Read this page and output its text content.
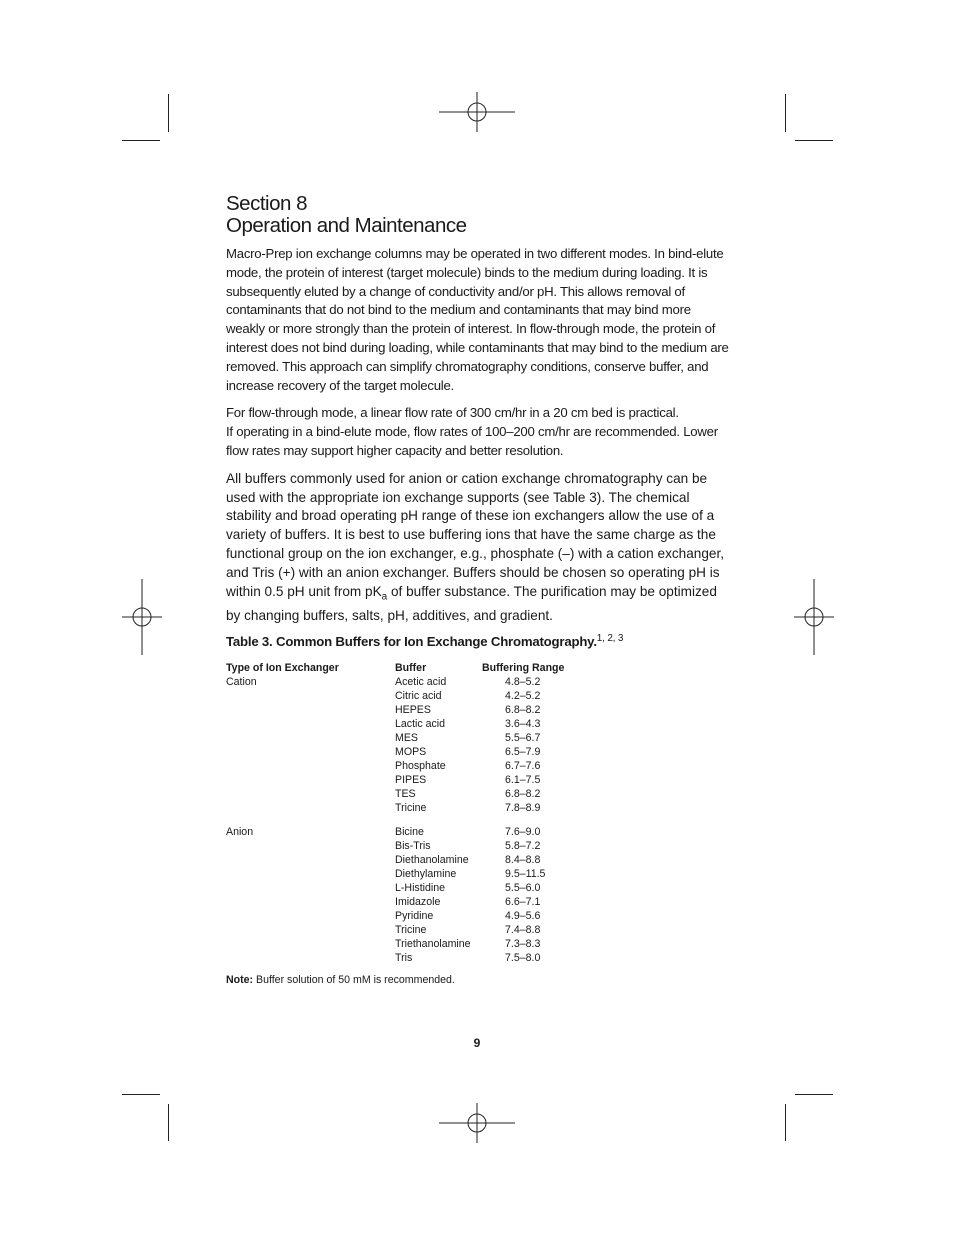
Section 8
Operation and Maintenance

Macro-Prep ion exchange columns may be operated in two different modes. In bind-elute mode, the protein of interest (target molecule) binds to the medium during loading. It is subsequently eluted by a change of conductivity and/or pH. This allows removal of contaminants that do not bind to the medium and contaminants that may bind more weakly or more strongly than the protein of interest. In flow-through mode, the protein of interest does not bind during loading, while contaminants that may bind to the medium are removed. This approach can simplify chromatography conditions, conserve buffer, and increase recovery of the target molecule.

For flow-through mode, a linear flow rate of 300 cm/hr in a 20 cm bed is practical.
If operating in a bind-elute mode, flow rates of 100–200 cm/hr are recommended. Lower flow rates may support higher capacity and better resolution.

All buffers commonly used for anion or cation exchange chromatography can be used with the appropriate ion exchange supports (see Table 3). The chemical stability and broad operating pH range of these ion exchangers allow the use of a variety of buffers. It is best to use buffering ions that have the same charge as the functional group on the ion exchanger, e.g., phosphate (–) with a cation exchanger, and Tris (+) with an anion exchanger. Buffers should be chosen so operating pH is within 0.5 pH unit from $pK_a$ of buffer substance. The purification may be optimized by changing buffers, salts, pH, additives, and gradient.

Table 3. Common Buffers for Ion Exchange Chromatography.$^{1, 2, 3}$
Type of Ion Exchanger	Buffer	Buffering Range
Cation	Acetic acid	4.8–5.2
	Citric acid	4.2–5.2
	HEPES	6.8–8.2
	Lactic acid	3.6–4.3
	MES	5.5–6.7
	MOPS	6.5–7.9
	Phosphate	6.7–7.6
	PIPES	6.1–7.5
	TES	6.8–8.2
	Tricine	7.8–8.9

Anion	Bicine	7.6–9.0
	Bis-Tris	5.8–7.2
	Diethanolamine	8.4–8.8
	Diethylamine	9.5–11.5
	L-Histidine	5.5–6.0
	Imidazole	6.6–7.1
	Pyridine	4.9–5.6
	Tricine	7.4–8.8
	Triethanolamine	7.3–8.3
	Tris	7.5–8.0
Note: Buffer solution of 50 mM is recommended.
9
